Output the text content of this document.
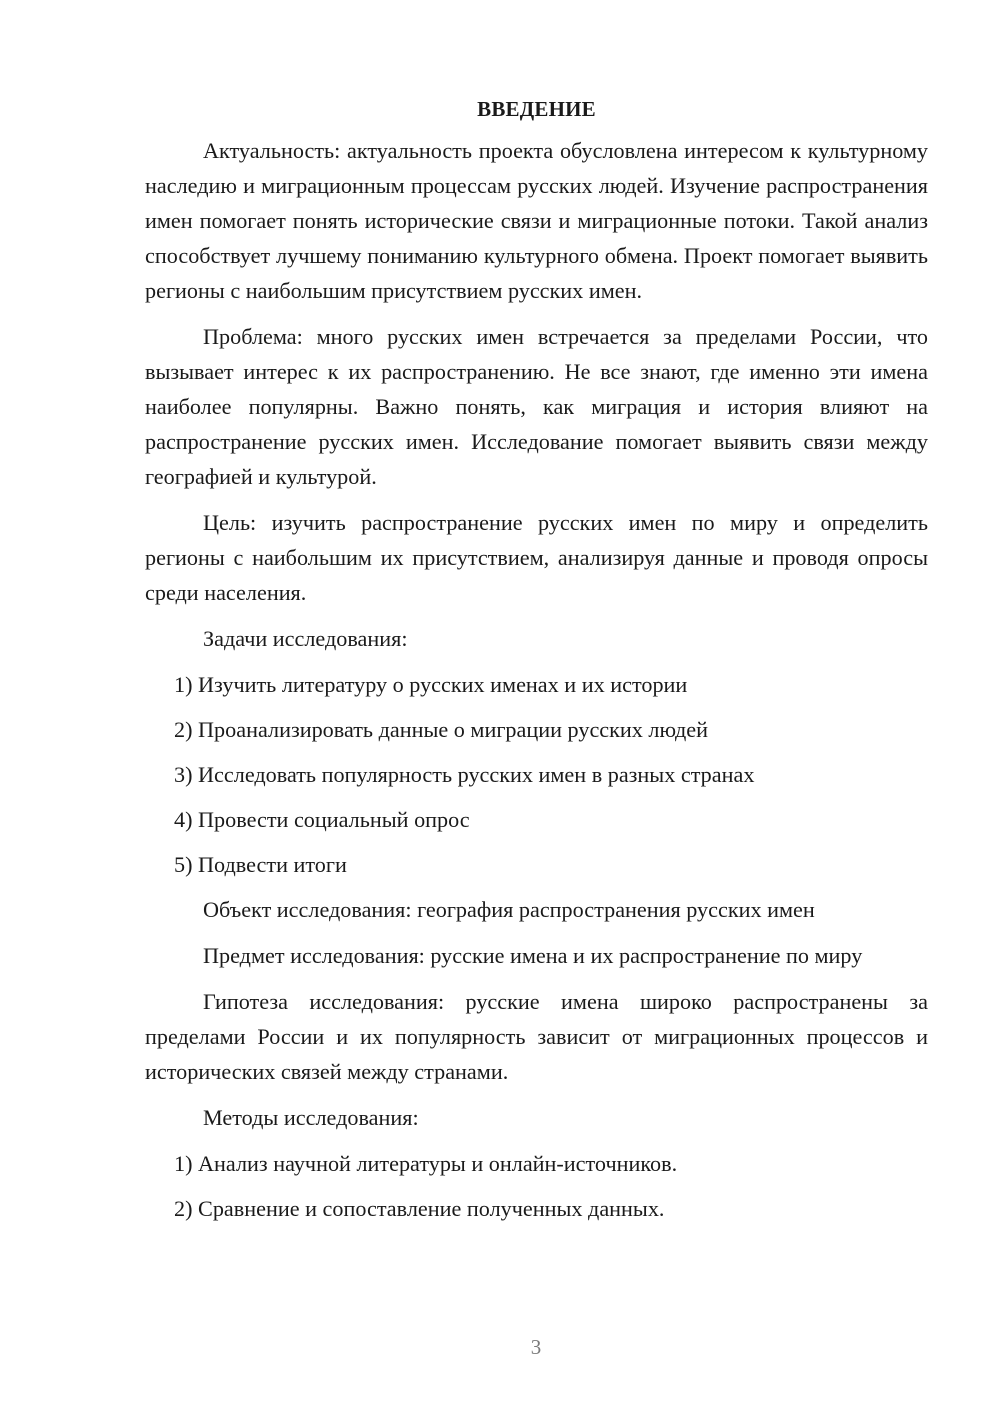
ВВЕДЕНИЕ

Актуальность: актуальность проекта обусловлена интересом к культурному наследию и миграционным процессам русских людей. Изучение распространения имен помогает понять исторические связи и миграционные потоки. Такой анализ способствует лучшему пониманию культурного обмена. Проект помогает выявить регионы с наибольшим присутствием русских имен.

Проблема: много русских имен встречается за пределами России, что вызывает интерес к их распространению. Не все знают, где именно эти имена наиболее популярны. Важно понять, как миграция и история влияют на распространение русских имен. Исследование помогает выявить связи между географией и культурой.

Цель: изучить распространение русских имен по миру и определить регионы с наибольшим их присутствием, анализируя данные и проводя опросы среди населения.

Задачи исследования:

1) Изучить литературу о русских именах и их истории

2) Проанализировать данные о миграции русских людей

3) Исследовать популярность русских имен в разных странах

4) Провести социальный опрос

5) Подвести итоги

Объект исследования: география распространения русских имен

Предмет исследования: русские имена и их распространение по миру

Гипотеза исследования: русские имена широко распространены за пределами России и их популярность зависит от миграционных процессов и исторических связей между странами.

Методы исследования:

1) Анализ научной литературы и онлайн-источников.

2) Сравнение и сопоставление полученных данных.

3
